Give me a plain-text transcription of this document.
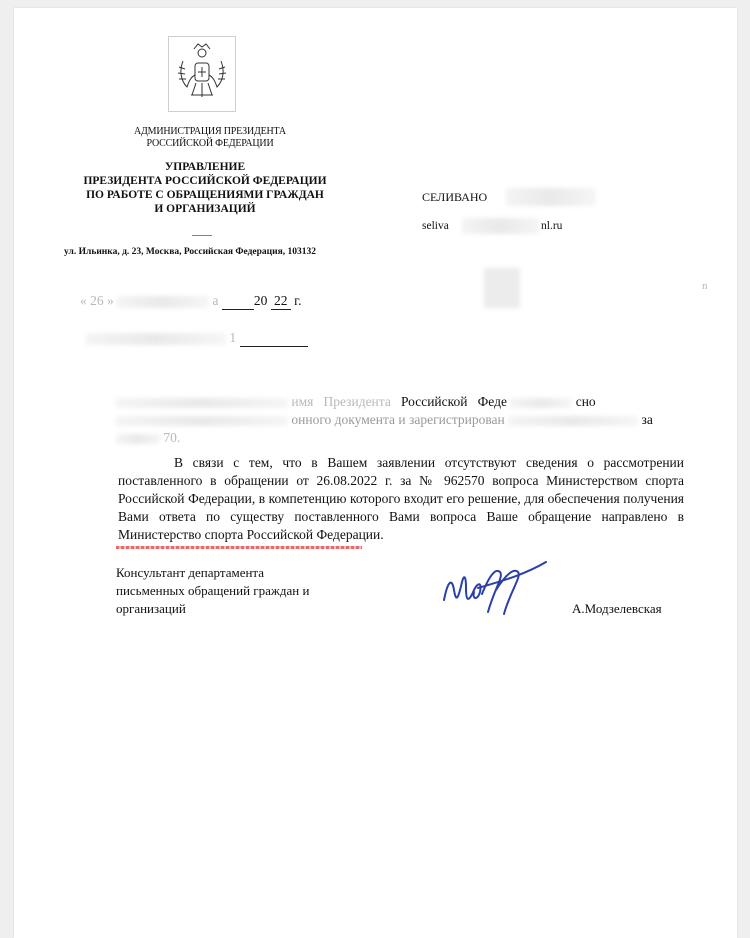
АДМИНИСТРАЦИЯ ПРЕЗИДЕНТА
РОССИЙСКОЙ ФЕДЕРАЦИИ
УПРАВЛЕНИЕ
ПРЕЗИДЕНТА РОССИЙСКОЙ ФЕДЕРАЦИИ
ПО РАБОТЕ С ОБРАЩЕНИЯМИ ГРАЖДАН
И ОРГАНИЗАЦИЙ
——
ул. Ильинка, д. 23, Москва, Российская Федерация, 103132
СЕЛИВАНО
seliva	nl.ru
n
« 26 »	а	20 22 г.
1
имя Президента Российской Феде	сно
онного документа и зарегистрирован	за
70.
В связи с тем, что в Вашем заявлении отсутствуют сведения о рассмотрении поставленного в обращении от 26.08.2022 г. за № 962570 вопроса Министерством спорта Российской Федерации, в компетенцию которого входит его решение, для обеспечения получения Вами ответа по существу поставленного Вами вопроса Ваше обращение направлено в Министерство спорта Российской Федерации.
Консультант департамента
письменных обращений граждан и
организаций	А.Модзелевская
